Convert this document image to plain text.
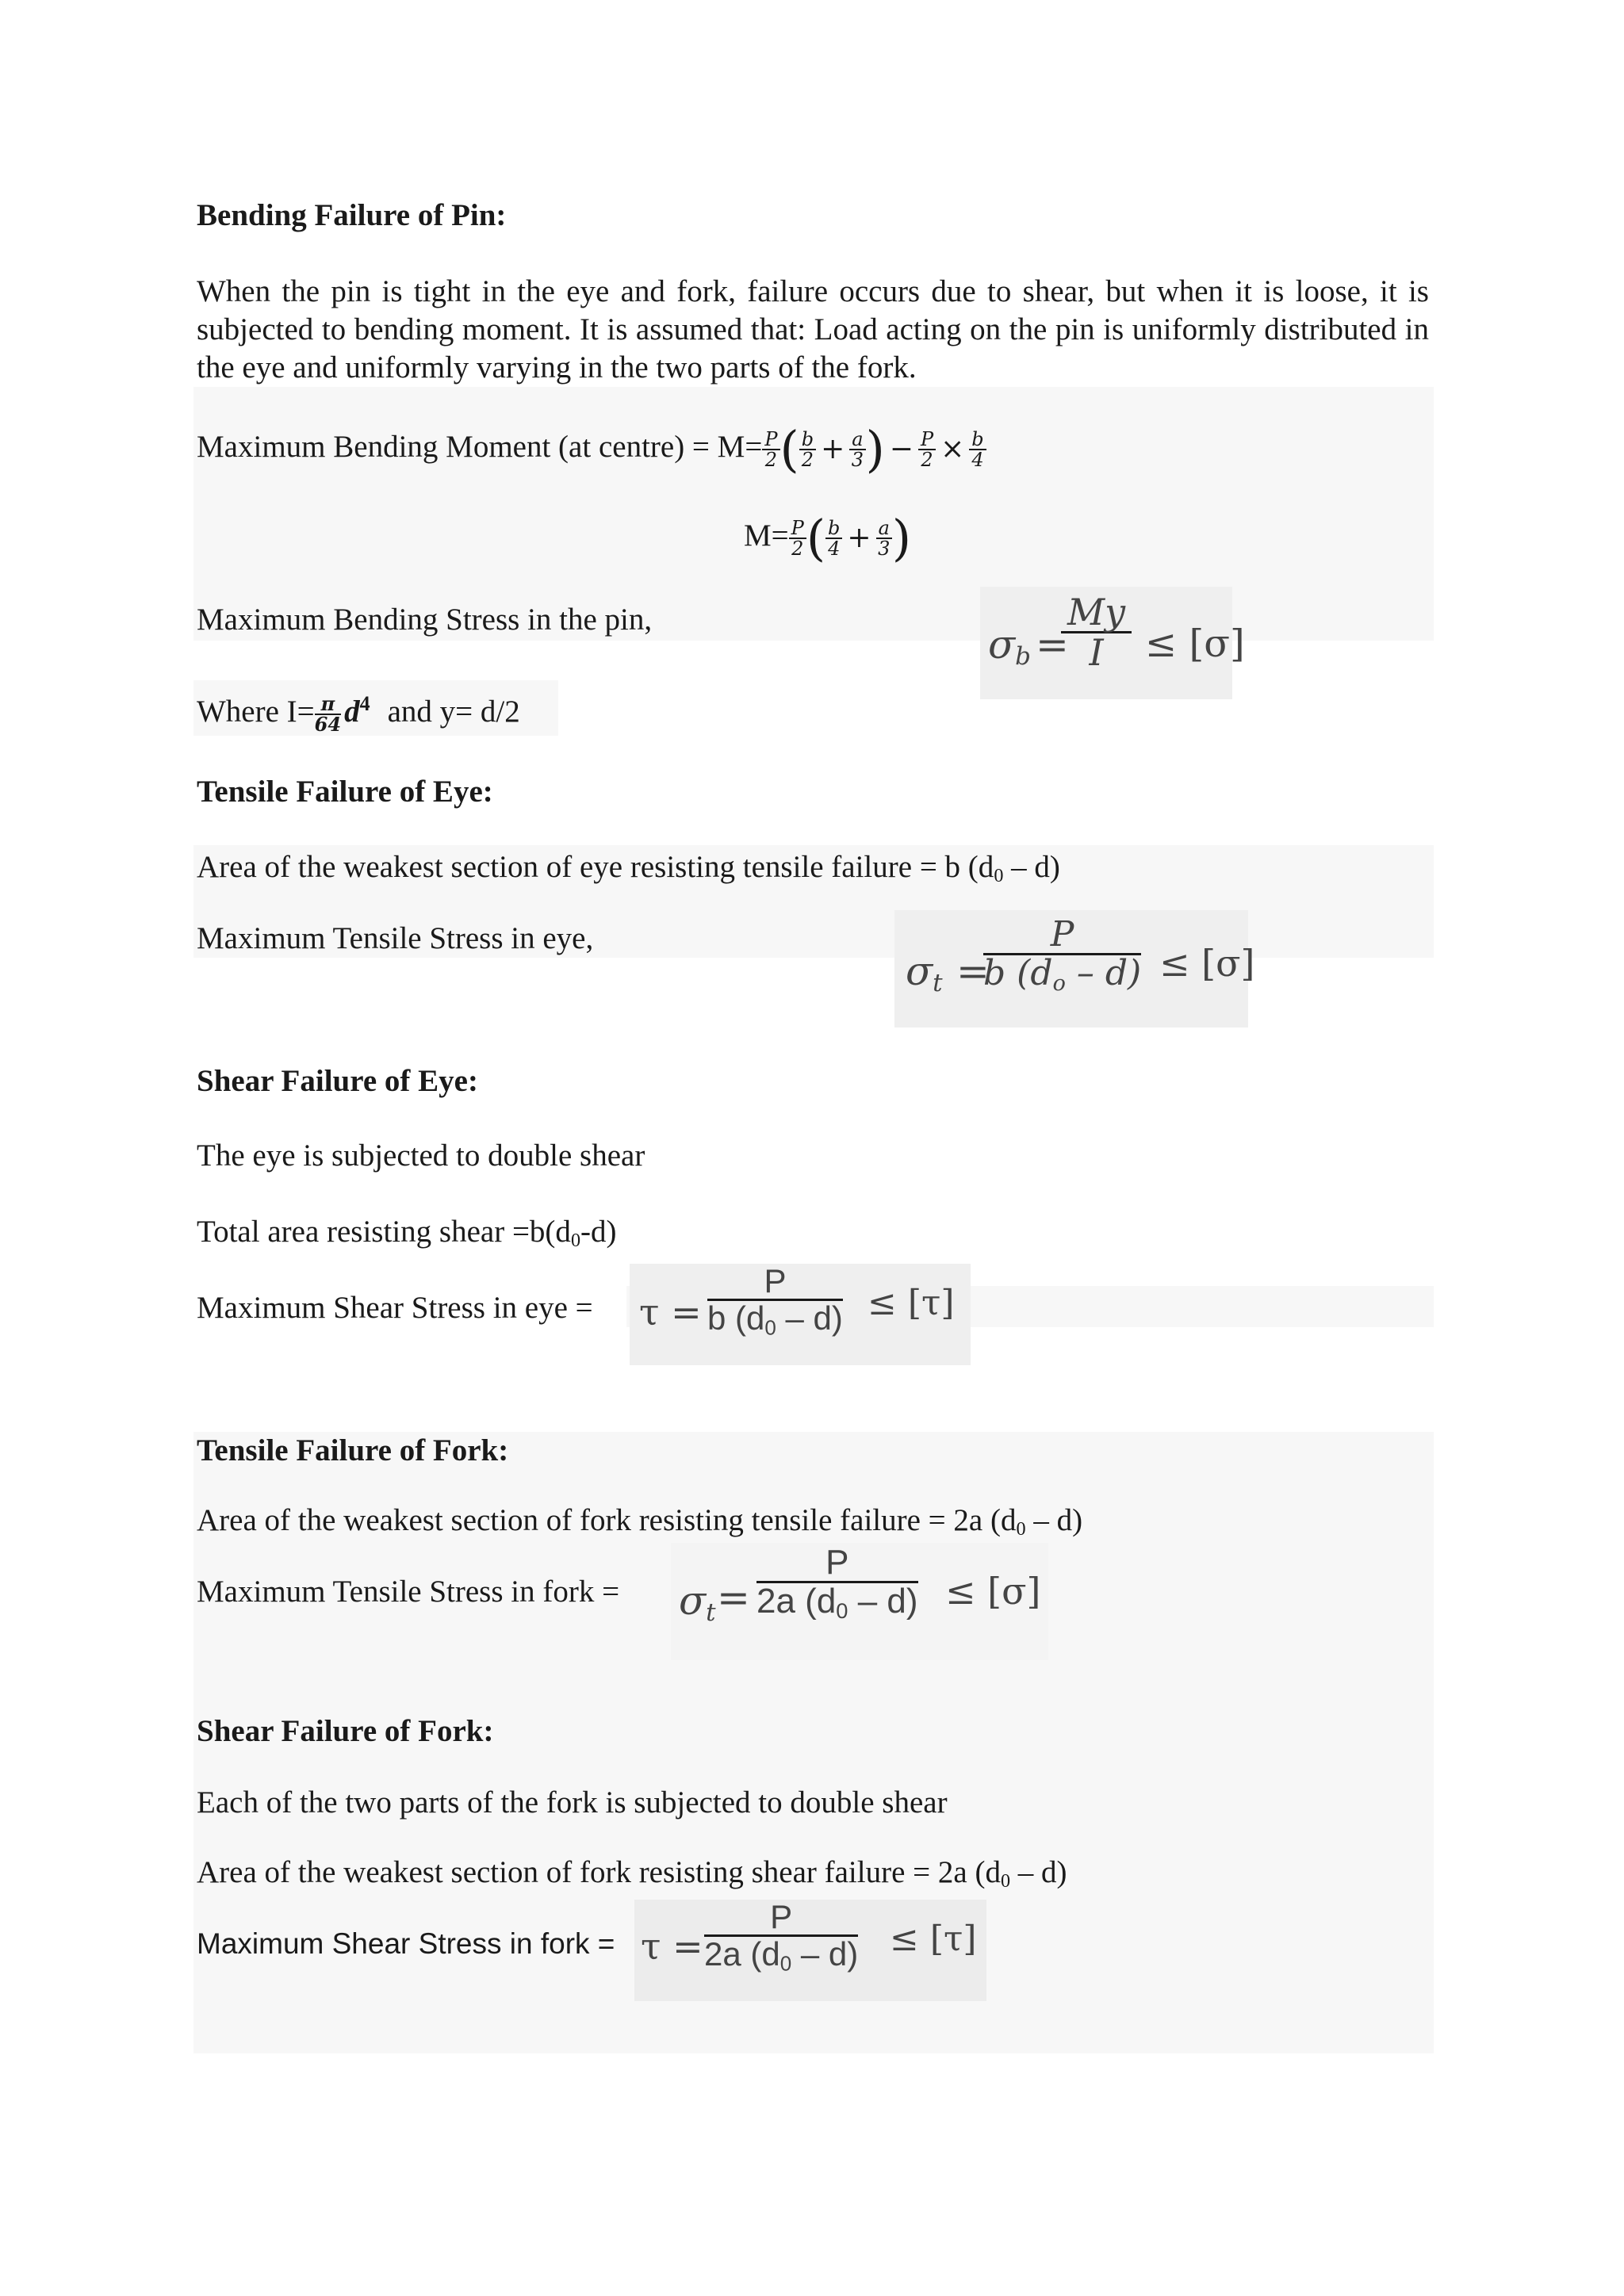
Bending Failure of Pin:
When the pin is tight in the eye and fork, failure occurs due to shear, but when it is loose, it is subjected to bending moment. It is assumed that: Load acting on the pin is uniformly distributed in the eye and uniformly varying in the two parts of the fork.
Maximum Bending Moment (at centre) = $M= \frac{P}{2}$ ( $\frac{b}{2} + \frac{a}{3}$ ) − $\frac{P}{2} \times \frac{b}{4}$
$M= \frac{P}{2}$ ( $\frac{b}{4} + \frac{a}{3}$ )
Maximum Bending Stress in the pin,
$\sigma_b$ =
$\frac{My}{I} \le [\sigma]$
Where $I= \frac{\pi}{64} d^4$ and y= d/2
Tensile Failure of Eye:
Area of the weakest section of eye resisting tensile failure = b $(d_0 - d)$
Maximum Tensile Stress in eye,
$\sigma_t$ =
$\frac{P}{b (d_o - d)} \le [\sigma]$
Shear Failure of Eye:
The eye is subjected to double shear
Total area resisting shear $=b(d_0-d)$
Maximum Shear Stress in eye = $\tau = \frac{P}{b (d_0 - d)} \le [\tau]$
Tensile Failure of Fork:
Area of the weakest section of fork resisting tensile failure = 2a $(d_0 - d)$
Maximum Tensile Stress in fork = $\sigma_t = \frac{P}{2a (d_0 - d)} \le [\sigma]$
Shear Failure of Fork:
Each of the two parts of the fork is subjected to double shear
Area of the weakest section of fork resisting shear failure = 2a $(d_0 - d)$
Maximum Shear Stress in fork = $\tau = \frac{P}{2a (d_0 - d)} \le [\tau]$
